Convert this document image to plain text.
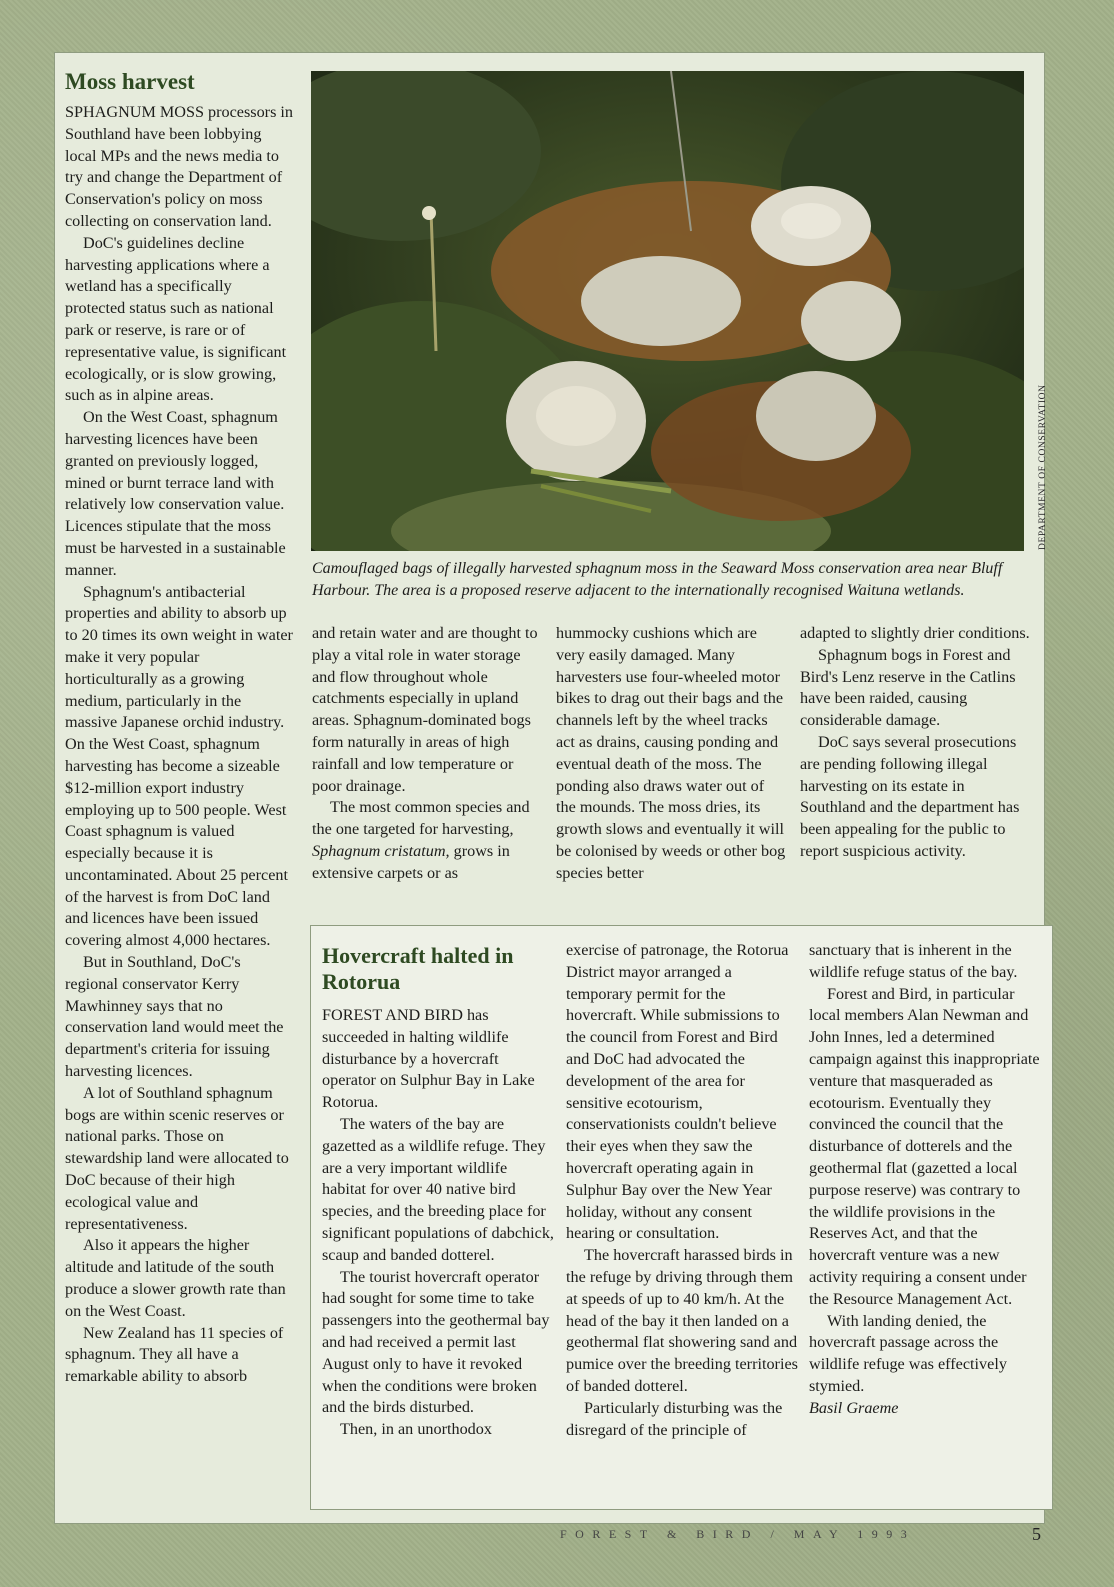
Moss harvest

SPHAGNUM MOSS processors in Southland have been lobbying local MPs and the news media to try and change the Department of Conservation's policy on moss collecting on conservation land.

DoC's guidelines decline harvesting applications where a wetland has a specifically protected status such as national park or reserve, is rare or of representative value, is significant ecologically, or is slow growing, such as in alpine areas.

On the West Coast, sphagnum harvesting licences have been granted on previously logged, mined or burnt terrace land with relatively low conservation value. Licences stipulate that the moss must be harvested in a sustainable manner.

Sphagnum's antibacterial properties and ability to absorb up to 20 times its own weight in water make it very popular horticulturally as a growing medium, particularly in the massive Japanese orchid industry. On the West Coast, sphagnum harvesting has become a sizeable $12-million export industry employing up to 500 people. West Coast sphagnum is valued especially because it is uncontaminated. About 25 percent of the harvest is from DoC land and licences have been issued covering almost 4,000 hectares.

But in Southland, DoC's regional conservator Kerry Mawhinney says that no conservation land would meet the department's criteria for issuing harvesting licences.

A lot of Southland sphagnum bogs are within scenic reserves or national parks. Those on stewardship land were allocated to DoC because of their high ecological value and representativeness.

Also it appears the higher altitude and latitude of the south produce a slower growth rate than on the West Coast.

New Zealand has 11 species of sphagnum. They all have a remarkable ability to absorb

DEPARTMENT OF CONSERVATION
Camouflaged bags of illegally harvested sphagnum moss in the Seaward Moss conservation area near Bluff Harbour. The area is a proposed reserve adjacent to the internationally recognised Waituna wetlands.

and retain water and are thought to play a vital role in water storage and flow throughout whole catchments especially in upland areas. Sphagnum-dominated bogs form naturally in areas of high rainfall and low temperature or poor drainage.

The most common species and the one targeted for harvesting, Sphagnum cristatum, grows in extensive carpets or as

hummocky cushions which are very easily damaged. Many harvesters use four-wheeled motor bikes to drag out their bags and the channels left by the wheel tracks act as drains, causing ponding and eventual death of the moss. The ponding also draws water out of the mounds. The moss dries, its growth slows and eventually it will be colonised by weeds or other bog species better

adapted to slightly drier conditions.

Sphagnum bogs in Forest and Bird's Lenz reserve in the Catlins have been raided, causing considerable damage.

DoC says several prosecutions are pending following illegal harvesting on its estate in Southland and the department has been appealing for the public to report suspicious activity.

Hovercraft halted in Rotorua

FOREST AND BIRD has succeeded in halting wildlife disturbance by a hovercraft operator on Sulphur Bay in Lake Rotorua.

The waters of the bay are gazetted as a wildlife refuge. They are a very important wildlife habitat for over 40 native bird species, and the breeding place for significant populations of dabchick, scaup and banded dotterel.

The tourist hovercraft operator had sought for some time to take passengers into the geothermal bay and had received a permit last August only to have it revoked when the conditions were broken and the birds disturbed.

Then, in an unorthodox

exercise of patronage, the Rotorua District mayor arranged a temporary permit for the hovercraft. While submissions to the council from Forest and Bird and DoC had advocated the development of the area for sensitive ecotourism, conservationists couldn't believe their eyes when they saw the hovercraft operating again in Sulphur Bay over the New Year holiday, without any consent hearing or consultation.

The hovercraft harassed birds in the refuge by driving through them at speeds of up to 40 km/h. At the head of the bay it then landed on a geothermal flat showering sand and pumice over the breeding territories of banded dotterel.

Particularly disturbing was the disregard of the principle of

sanctuary that is inherent in the wildlife refuge status of the bay.

Forest and Bird, in particular local members Alan Newman and John Innes, led a determined campaign against this inappropriate venture that masqueraded as ecotourism. Eventually they convinced the council that the disturbance of dotterels and the geothermal flat (gazetted a local purpose reserve) was contrary to the wildlife provisions in the Reserves Act, and that the hovercraft venture was a new activity requiring a consent under the Resource Management Act.

With landing denied, the hovercraft passage across the wildlife refuge was effectively stymied.

Basil Graeme

FOREST & BIRD / MAY 1993	5
